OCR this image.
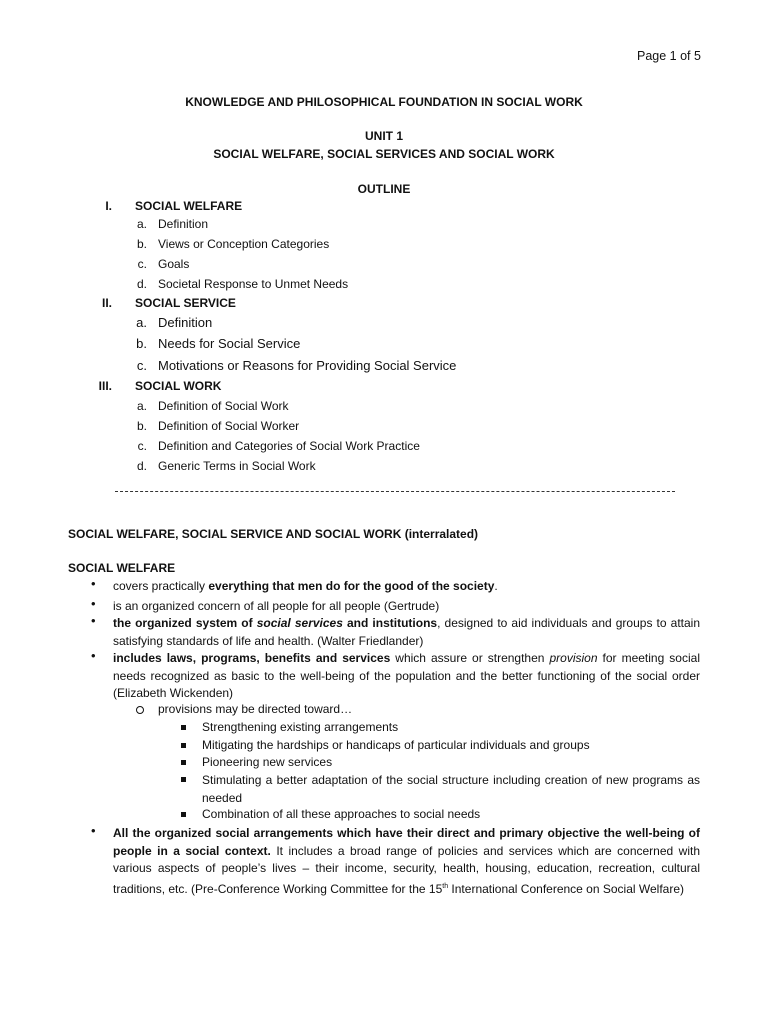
Page 1 of 5
KNOWLEDGE AND PHILOSOPHICAL FOUNDATION IN SOCIAL WORK
UNIT 1
SOCIAL WELFARE, SOCIAL SERVICES AND SOCIAL WORK
OUTLINE
I. SOCIAL WELFARE
a. Definition
b. Views or Conception Categories
c. Goals
d. Societal Response to Unmet Needs
II. SOCIAL SERVICE
a. Definition
b. Needs for Social Service
c. Motivations or Reasons for Providing Social Service
III. SOCIAL WORK
a. Definition of Social Work
b. Definition of Social Worker
c. Definition and Categories of Social Work Practice
d. Generic Terms in Social Work
SOCIAL WELFARE, SOCIAL SERVICE AND SOCIAL WORK (interralated)
SOCIAL WELFARE
• covers practically everything that men do for the good of the society.
• is an organized concern of all people for all people (Gertrude)
• the organized system of social services and institutions, designed to aid individuals and groups to attain satisfying standards of life and health. (Walter Friedlander)
• includes laws, programs, benefits and services which assure or strengthen provision for meeting social needs recognized as basic to the well-being of the population and the better functioning of the social order (Elizabeth Wickenden)
provisions may be directed toward…
Strengthening existing arrangements
Mitigating the hardships or handicaps of particular individuals and groups
Pioneering new services
Stimulating a better adaptation of the social structure including creation of new programs as needed
Combination of all these approaches to social needs
• All the organized social arrangements which have their direct and primary objective the well-being of people in a social context. It includes a broad range of policies and services which are concerned with various aspects of people’s lives – their income, security, health, housing, education, recreation, cultural traditions, etc. (Pre-Conference Working Committee for the 15th International Conference on Social Welfare)
